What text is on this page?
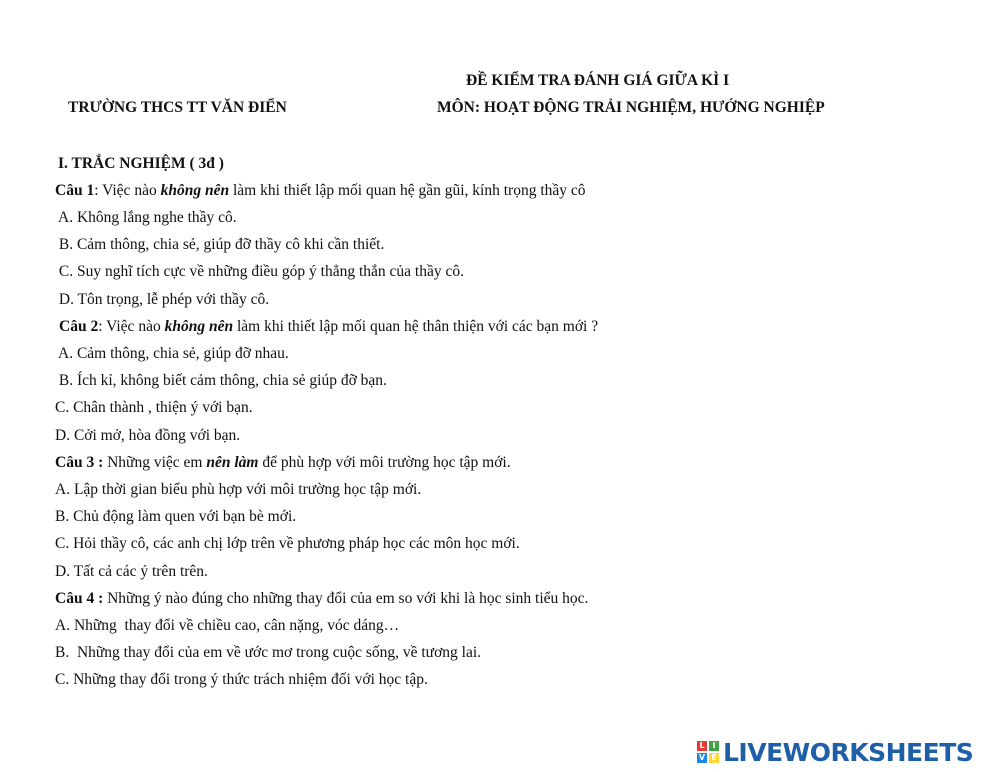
ĐỀ KIỂM TRA ĐÁNH GIÁ GIỮA KÌ I
TRƯỜNG THCS TT VĂN ĐIỂN	MÔN: HOẠT ĐỘNG TRẢI NGHIỆM, HƯỚNG NGHIỆP
I. TRẮC NGHIỆM ( 3đ )
Câu 1: Việc nào không nên làm khi thiết lập mối quan hệ gần gũi, kính trọng thầy cô
A. Không lắng nghe thầy cô.
B. Cảm thông, chia sẻ, giúp đỡ thầy cô khi cần thiết.
C. Suy nghĩ tích cực về những điều góp ý thẳng thắn của thầy cô.
D. Tôn trọng, lễ phép với thầy cô.
Câu 2: Việc nào không nên làm khi thiết lập mối quan hệ thân thiện với các bạn mới ?
A. Cảm thông, chia sẻ, giúp đỡ nhau.
B. Ích kỉ, không biết cảm thông, chia sẻ giúp đỡ bạn.
C. Chân thành , thiện ý với bạn.
D. Cởi mở, hòa đồng với bạn.
Câu 3 : Những việc em nên làm để phù hợp với môi trường học tập mới.
A. Lập thời gian biểu phù hợp với môi trường học tập mới.
B. Chủ động làm quen với bạn bè mới.
C. Hỏi thầy cô, các anh chị lớp trên về phương pháp học các môn học mới.
D. Tất cả các ý trên trên.
Câu 4 : Những ý nào đúng cho những thay đổi của em so với khi là học sinh tiểu học.
A. Những  thay đổi về chiều cao, cân nặng, vóc dáng…
B.  Những thay đổi của em về ước mơ trong cuộc sống, về tương lai.
C. Những thay đổi trong ý thức trách nhiệm đối với học tập.
L I
V E LIVEWORKSHEETS
